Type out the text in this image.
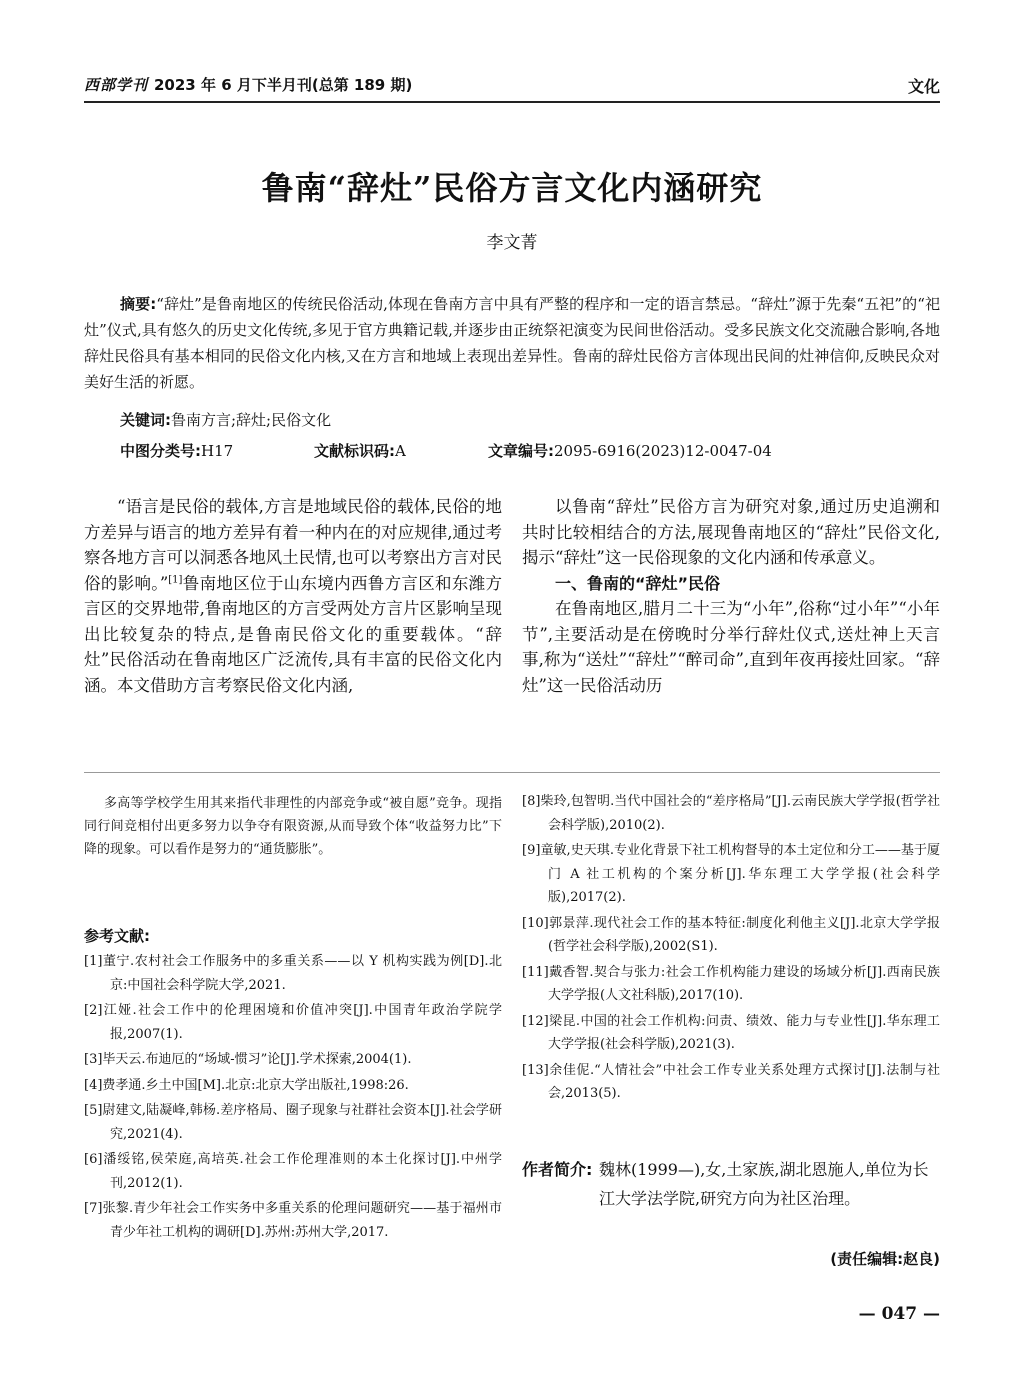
西部学刊 2023 年 6 月下半月刊(总第 189 期)	文化
鲁南“辞灶”民俗方言文化内涵研究
李文菁
摘要:“辞灶”是鲁南地区的传统民俗活动,体现在鲁南方言中具有严整的程序和一定的语言禁忌。“辞灶”源于先秦“五祀”的“祀灶”仪式,具有悠久的历史文化传统,多见于官方典籍记载,并逐步由正统祭祀演变为民间世俗活动。受多民族文化交流融合影响,各地辞灶民俗具有基本相同的民俗文化内核,又在方言和地域上表现出差异性。鲁南的辞灶民俗方言体现出民间的灶神信仰,反映民众对美好生活的祈愿。
关键词:鲁南方言;辞灶;民俗文化
中图分类号:H17	文献标识码:A	文章编号:2095-6916(2023)12-0047-04

“语言是民俗的载体,方言是地域民俗的载体,民俗的地方差异与语言的地方差异有着一种内在的对应规律,通过考察各地方言可以洞悉各地风土民情,也可以考察出方言对民俗的影响。”[1]鲁南地区位于山东境内西鲁方言区和东潍方言区的交界地带,鲁南地区的方言受两处方言片区影响呈现出比较复杂的特点,是鲁南民俗文化的重要载体。“辞灶”民俗活动在鲁南地区广泛流传,具有丰富的民俗文化内涵。本文借助方言考察民俗文化内涵,

以鲁南“辞灶”民俗方言为研究对象,通过历史追溯和共时比较相结合的方法,展现鲁南地区的“辞灶”民俗文化,揭示“辞灶”这一民俗现象的文化内涵和传承意义。

一、鲁南的“辞灶”民俗

在鲁南地区,腊月二十三为“小年”,俗称“过小年”“小年节”,主要活动是在傍晚时分举行辞灶仪式,送灶神上天言事,称为“送灶”“辞灶”“醉司命”,直到年夜再接灶回家。“辞灶”这一民俗活动历

多高等学校学生用其来指代非理性的内部竞争或“被自愿”竞争。现指同行间竞相付出更多努力以争夺有限资源,从而导致个体“收益努力比”下降的现象。可以看作是努力的“通货膨胀”。
参考文献:
[1]董宁.农村社会工作服务中的多重关系——以 Y 机构实践为例[D].北京:中国社会科学院大学,2021.
[2]江娅.社会工作中的伦理困境和价值冲突[J].中国青年政治学院学报,2007(1).
[3]毕天云.布迪厄的“场域-惯习”论[J].学术探索,2004(1).
[4]费孝通.乡土中国[M].北京:北京大学出版社,1998:26.
[5]尉建文,陆凝峰,韩杨.差序格局、圈子现象与社群社会资本[J].社会学研究,2021(4).
[6]潘绥铭,侯荣庭,高培英.社会工作伦理准则的本土化探讨[J].中州学刊,2012(1).
[7]张黎.青少年社会工作实务中多重关系的伦理问题研究——基于福州市青少年社工机构的调研[D].苏州:苏州大学,2017.
[8]柴玲,包智明.当代中国社会的“差序格局”[J].云南民族大学学报(哲学社会科学版),2010(2).
[9]童敏,史天琪.专业化背景下社工机构督导的本土定位和分工——基于厦门 A 社工机构的个案分析[J].华东理工大学学报(社会科学版),2017(2).
[10]郭景萍.现代社会工作的基本特征:制度化利他主义[J].北京大学学报(哲学社会科学版),2002(S1).
[11]戴香智.契合与张力:社会工作机构能力建设的场域分析[J].西南民族大学学报(人文社科版),2017(10).
[12]梁昆.中国的社会工作机构:问责、绩效、能力与专业性[J].华东理工大学学报(社会科学版),2021(3).
[13]余佳伲.“人情社会”中社会工作专业关系处理方式探讨[J].法制与社会,2013(5).
作者简介: 魏林(1999—),女,土家族,湖北恩施人,单位为长江大学法学院,研究方向为社区治理。
(责任编辑:赵良)
— 047 —
